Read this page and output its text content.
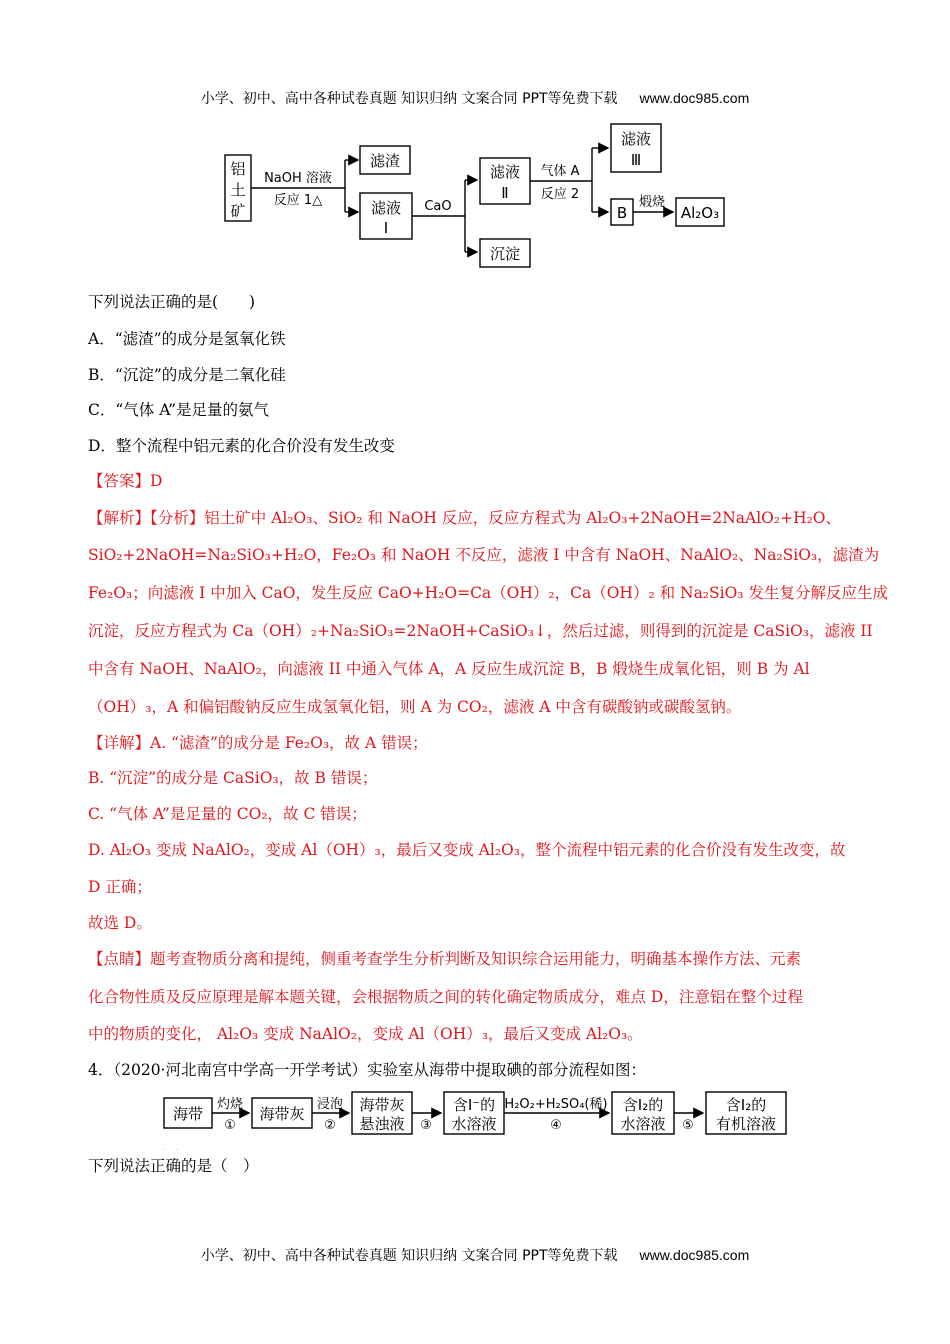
小学、初中、高中各种试卷真题 知识归纳 文案合同 PPT等免费下载 www.doc985.com
铝
土
矿
NaOH 溶液
反应 1△
滤渣
滤液
Ⅰ
CaO
滤液
Ⅱ
沉淀
气体 A
反应 2
滤液
Ⅲ
B
煅烧
Al₂O₃
下列说法正确的是(　　)
A．“滤渣”的成分是氢氧化铁
B．“沉淀”的成分是二氧化硅
C．“气体 A”是足量的氨气
D．整个流程中铝元素的化合价没有发生改变
【答案】D
【解析】【分析】铝土矿中 Al₂O₃、SiO₂ 和 NaOH 反应，反应方程式为 Al₂O₃+2NaOH=2NaAlO₂+H₂O、
SiO₂+2NaOH=Na₂SiO₃+H₂O，Fe₂O₃ 和 NaOH 不反应，滤液 I 中含有 NaOH、NaAlO₂、Na₂SiO₃，滤渣为
Fe₂O₃；向滤液 I 中加入 CaO，发生反应 CaO+H₂O=Ca（OH）₂，Ca（OH）₂ 和 Na₂SiO₃ 发生复分解反应生成
沉淀，反应方程式为 Ca（OH）₂+Na₂SiO₃=2NaOH+CaSiO₃↓，然后过滤，则得到的沉淀是 CaSiO₃，滤液 II
中含有 NaOH、NaAlO₂，向滤液 II 中通入气体 A，A 反应生成沉淀 B，B 煅烧生成氧化铝，则 B 为 Al
（OH）₃，A 和偏铝酸钠反应生成氢氧化铝，则 A 为 CO₂，滤液 A 中含有碳酸钠或碳酸氢钠。
【详解】A. “滤渣”的成分是 Fe₂O₃，故 A 错误；
B. “沉淀”的成分是 CaSiO₃，故 B 错误；
C. “气体 A”是足量的 CO₂，故 C 错误；
D. Al₂O₃ 变成 NaAlO₂，变成 Al（OH）₃，最后又变成 Al₂O₃，整个流程中铝元素的化合价没有发生改变，故
D 正确；
故选 D。
【点睛】题考查物质分离和提纯，侧重考查学生分析判断及知识综合运用能力，明确基本操作方法、元素
化合物性质及反应原理是解本题关键，会根据物质之间的转化确定物质成分，难点 D，注意铝在整个过程
中的物质的变化， Al₂O₃ 变成 NaAlO₂，变成 Al（OH）₃，最后又变成 Al₂O₃。
4．（2020·河北南宫中学高一开学考试）实验室从海带中提取碘的部分流程如图：
海带
灼烧
①
海带灰
浸泡
②
海带灰
悬浊液 ③
含I⁻的
水溶液
H₂O₂+H₂SO₄(稀)
④
含I₂的
水溶液 ⑤
含I₂的
有机溶液
下列说法正确的是（　）
小学、初中、高中各种试卷真题 知识归纳 文案合同 PPT等免费下载 www.doc985.com
